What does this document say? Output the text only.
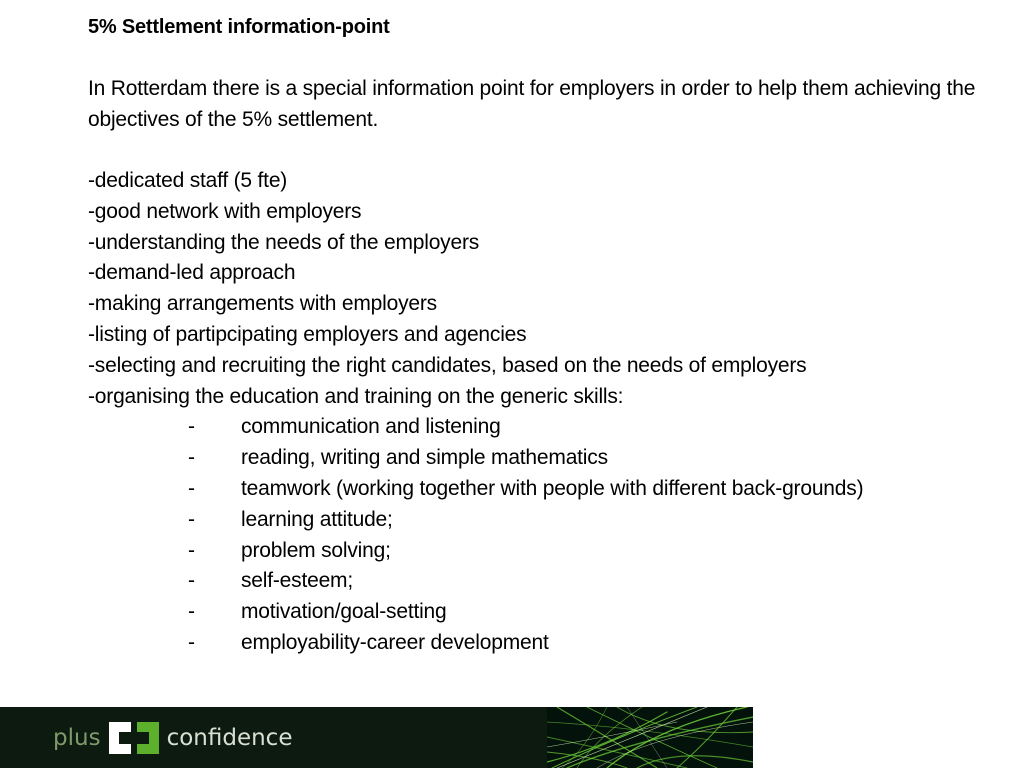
5% Settlement information-point

In Rotterdam there is a special information point for employers in order to help them achieving the objectives of the 5% settlement.

-dedicated staff (5 fte)
-good network with employers
-understanding the needs of the employers
-demand-led approach
-making arrangements with employers
-listing of partipcipating employers and agencies
-selecting and recruiting the right candidates, based on the needs of employers
-organising the education and training on the generic skills:
- communication and listening
- reading, writing and simple mathematics
- teamwork (working together with people with different back-grounds)
- learning attitude;
- problem solving;
- self-esteem;
- motivation/goal-setting
- employability-career development
plus	confidence
